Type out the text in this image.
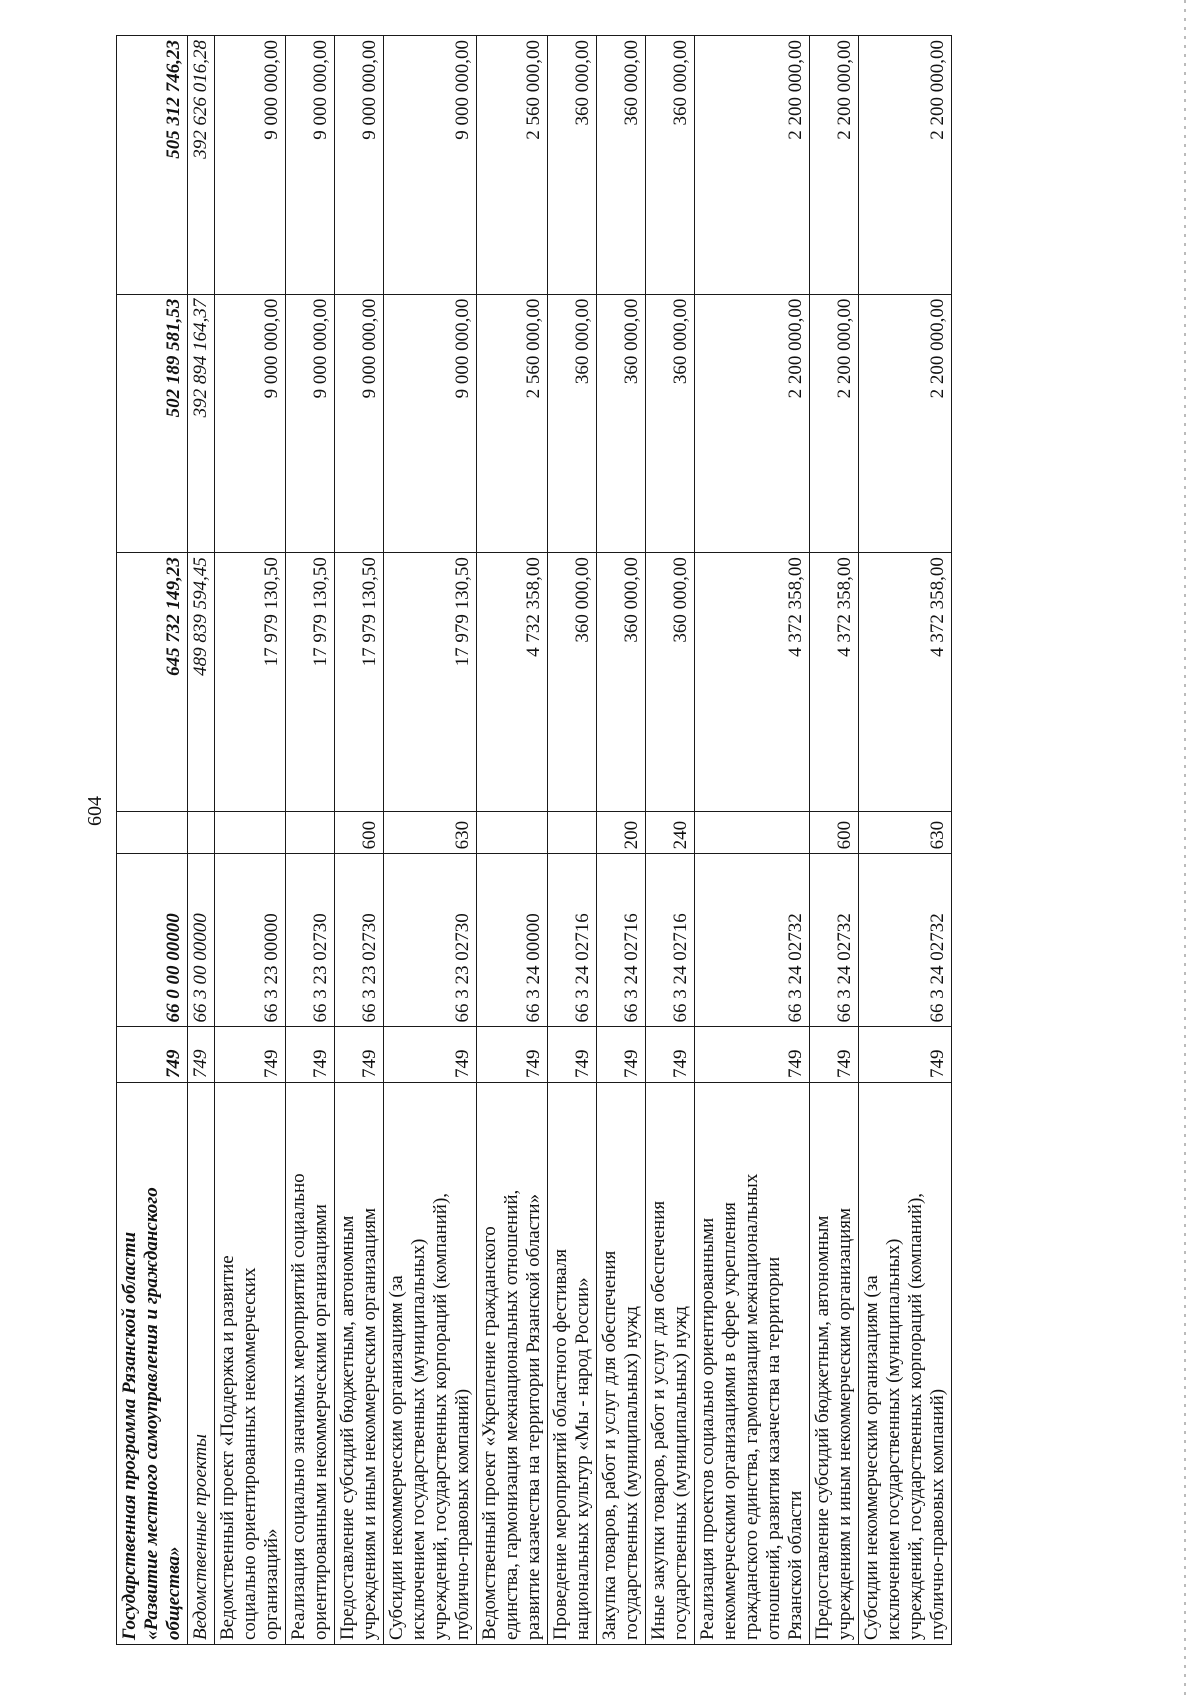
604
Государственная программа Рязанской области
«Развитие местного самоуправления и гражданского
общества»	749	66 0 00 00000		645 732 149,23	502 189 581,53	505 312 746,23
Ведомственные проекты	749	66 3 00 00000		489 839 594,45	392 894 164,37	392 626 016,28
Ведомственный проект «Поддержка и развитие
социально ориентированных некоммерческих
организаций»	749	66 3 23 00000		17 979 130,50	9 000 000,00	9 000 000,00
Реализация социально значимых мероприятий социально
ориентированными некоммерческими организациями	749	66 3 23 02730		17 979 130,50	9 000 000,00	9 000 000,00
Предоставление субсидий бюджетным, автономным
учреждениям и иным некоммерческим организациям	749	66 3 23 02730	600	17 979 130,50	9 000 000,00	9 000 000,00
Субсидии некоммерческим организациям (за
исключением государственных (муниципальных)
учреждений, государственных корпораций (компаний),
публично-правовых компаний)	749	66 3 23 02730	630	17 979 130,50	9 000 000,00	9 000 000,00
Ведомственный проект «Укрепление гражданского
единства, гармонизация межнациональных отношений,
развитие казачества на территории Рязанской области»	749	66 3 24 00000		4 732 358,00	2 560 000,00	2 560 000,00
Проведение мероприятий областного фестиваля
национальных культур «Мы - народ России»	749	66 3 24 02716		360 000,00	360 000,00	360 000,00
Закупка товаров, работ и услуг для обеспечения
государственных (муниципальных) нужд	749	66 3 24 02716	200	360 000,00	360 000,00	360 000,00
Иные закупки товаров, работ и услуг для обеспечения
государственных (муниципальных) нужд	749	66 3 24 02716	240	360 000,00	360 000,00	360 000,00
Реализация проектов социально ориентированными
некоммерческими организациями в сфере укрепления
гражданского единства, гармонизации межнациональных
отношений, развития казачества на территории
Рязанской области	749	66 3 24 02732		4 372 358,00	2 200 000,00	2 200 000,00
Предоставление субсидий бюджетным, автономным
учреждениям и иным некоммерческим организациям	749	66 3 24 02732	600	4 372 358,00	2 200 000,00	2 200 000,00
Субсидии некоммерческим организациям (за
исключением государственных (муниципальных)
учреждений, государственных корпораций (компаний),
публично-правовых компаний)	749	66 3 24 02732	630	4 372 358,00	2 200 000,00	2 200 000,00
